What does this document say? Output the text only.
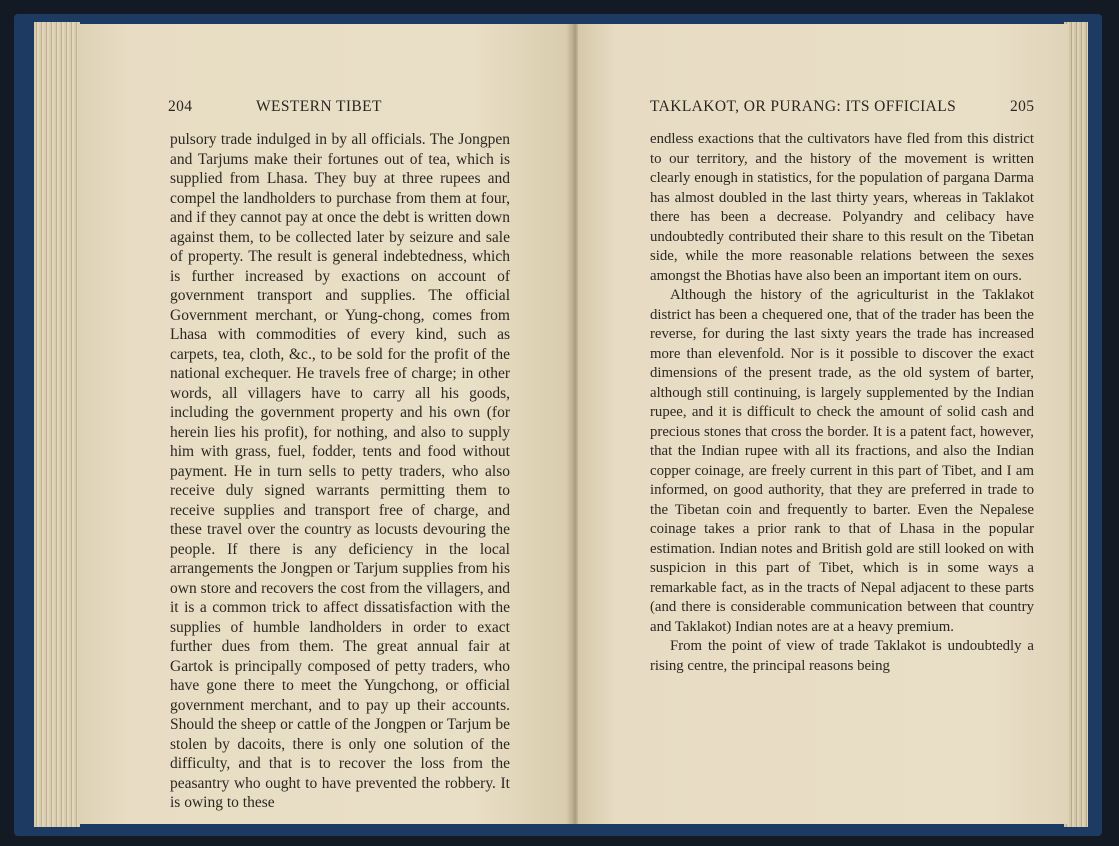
204	WESTERN TIBET

pulsory trade indulged in by all officials. The Jongpen and Tarjums make their fortunes out of tea, which is supplied from Lhasa. They buy at three rupees and compel the landholders to purchase from them at four, and if they cannot pay at once the debt is written down against them, to be collected later by seizure and sale of property. The result is general indebtedness, which is further increased by exactions on account of government transport and supplies. The official Government merchant, or Yung-chong, comes from Lhasa with commodities of every kind, such as carpets, tea, cloth, &c., to be sold for the profit of the national exchequer. He travels free of charge; in other words, all villagers have to carry all his goods, including the government property and his own (for herein lies his profit), for nothing, and also to supply him with grass, fuel, fodder, tents and food without payment. He in turn sells to petty traders, who also receive duly signed warrants permitting them to receive supplies and transport free of charge, and these travel over the country as locusts devouring the people. If there is any deficiency in the local arrangements the Jongpen or Tarjum supplies from his own store and recovers the cost from the villagers, and it is a common trick to affect dissatisfaction with the supplies of humble landholders in order to exact further dues from them. The great annual fair at Gartok is principally composed of petty traders, who have gone there to meet the Yungchong, or official government merchant, and to pay up their accounts. Should the sheep or cattle of the Jongpen or Tarjum be stolen by dacoits, there is only one solution of the difficulty, and that is to recover the loss from the peasantry who ought to have prevented the robbery. It is owing to these

TAKLAKOT, OR PURANG: ITS OFFICIALS	205

endless exactions that the cultivators have fled from this district to our territory, and the history of the movement is written clearly enough in statistics, for the population of pargana Darma has almost doubled in the last thirty years, whereas in Taklakot there has been a decrease. Polyandry and celibacy have undoubtedly contributed their share to this result on the Tibetan side, while the more reasonable relations between the sexes amongst the Bhotias have also been an important item on ours.

Although the history of the agriculturist in the Taklakot district has been a chequered one, that of the trader has been the reverse, for during the last sixty years the trade has increased more than elevenfold. Nor is it possible to discover the exact dimensions of the present trade, as the old system of barter, although still continuing, is largely supplemented by the Indian rupee, and it is difficult to check the amount of solid cash and precious stones that cross the border. It is a patent fact, however, that the Indian rupee with all its fractions, and also the Indian copper coinage, are freely current in this part of Tibet, and I am informed, on good authority, that they are preferred in trade to the Tibetan coin and frequently to barter. Even the Nepalese coinage takes a prior rank to that of Lhasa in the popular estimation. Indian notes and British gold are still looked on with suspicion in this part of Tibet, which is in some ways a remarkable fact, as in the tracts of Nepal adjacent to these parts (and there is considerable communication between that country and Taklakot) Indian notes are at a heavy premium.

From the point of view of trade Taklakot is undoubtedly a rising centre, the principal reasons being
